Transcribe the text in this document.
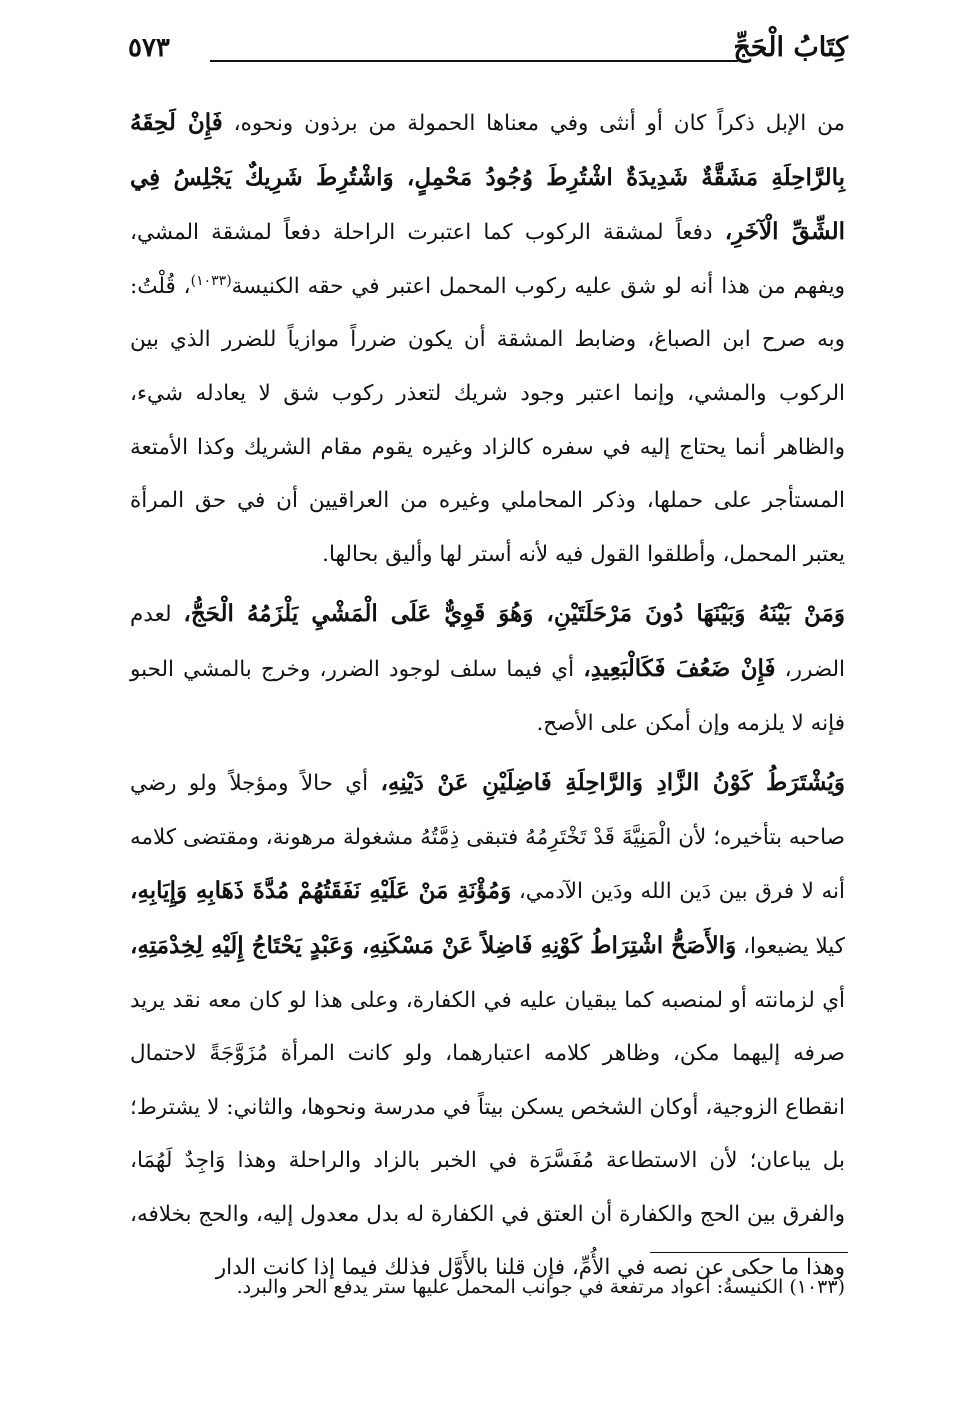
كِتَابُ الْحَجِّ
٥٧٣

من الإبل ذكراً كان أو أنثى وفي معناها الحمولة من برذون ونحوه، فَإِنْ لَحِقَهُ بِالرَّاحِلَةِ مَشَقَّةٌ شَدِيدَةٌ اشْتُرِطَ وُجُودُ مَحْمِلٍ، وَاشْتُرِطَ شَرِيكٌ يَجْلِسُ فِي الشِّقِّ الْآخَرِ، دفعاً لمشقة الركوب كما اعتبرت الراحلة دفعاً لمشقة المشي، ويفهم من هذا أنه لو شق عليه ركوب المحمل اعتبر في حقه الكنيسة$^{(١٠٣٣)}$، قُلْتُ: وبه صرح ابن الصباغ، وضابط المشقة أن يكون ضرراً موازياً للضرر الذي بين الركوب والمشي، وإنما اعتبر وجود شريك لتعذر ركوب شق لا يعادله شيء، والظاهر أنما يحتاج إليه في سفره كالزاد وغيره يقوم مقام الشريك وكذا الأمتعة المستأجر على حملها، وذكر المحاملي وغيره من العراقيين أن في حق المرأة يعتبر المحمل، وأطلقوا القول فيه لأنه أستر لها وأليق بحالها.

وَمَنْ بَيْنَهُ وَبَيْنَهَا دُونَ مَرْحَلَتَيْنِ، وَهُوَ قَوِيٌّ عَلَى الْمَشْيِ يَلْزَمُهُ الْحَجُّ، لعدم الضرر، فَإِنْ ضَعُفَ فَكَالْبَعِيدِ، أي فيما سلف لوجود الضرر، وخرج بالمشي الحبو فإنه لا يلزمه وإن أمكن على الأصح.

وَيُشْتَرَطُ كَوْنُ الزَّادِ وَالرَّاحِلَةِ فَاضِلَيْنِ عَنْ دَيْنِهِ، أي حالاً ومؤجلاً ولو رضي صاحبه بتأخيره؛ لأن الْمَنِيَّةَ قَدْ تَخْتَرِمُهُ فتبقى ذِمَّتُهُ مشغولة مرهونة، ومقتضى كلامه أنه لا فرق بين دَين الله ودَين الآدمي، وَمُؤْنَةِ مَنْ عَلَيْهِ نَفَقَتُهُمْ مُدَّةَ ذَهَابِهِ وَإِيَابِهِ، كيلا يضيعوا، وَالأَصَحُّ اشْتِرَاطُ كَوْنِهِ فَاضِلاً عَنْ مَسْكَنِهِ، وَعَبْدٍ يَحْتَاجُ إِلَيْهِ لِخِدْمَتِهِ، أي لزمانته أو لمنصبه كما يبقيان عليه في الكفارة، وعلى هذا لو كان معه نقد يريد صرفه إليهما مكن، وظاهر كلامه اعتبارهما، ولو كانت المرأة مُزَوَّجَةً لاحتمال انقطاع الزوجية، أوكان الشخص يسكن بيتاً في مدرسة ونحوها، والثاني: لا يشترط؛ بل يباعان؛ لأن الاستطاعة مُفَسَّرَة في الخبر بالزاد والراحلة وهذا وَاجِدٌ لَهُمَا، والفرق بين الحج والكفارة أن العتق في الكفارة له بدل معدول إليه، والحج بخلافه، وهذا ما حكى عن نصه في الأُمِّ، فإن قلنا بالأَوَّل فذلك فيما إذا كانت الدار

(١٠٣٣) الكنيسةُ: أعواد مرتفعة في جوانب المحمل عليها ستر يدفع الحر والبرد.
